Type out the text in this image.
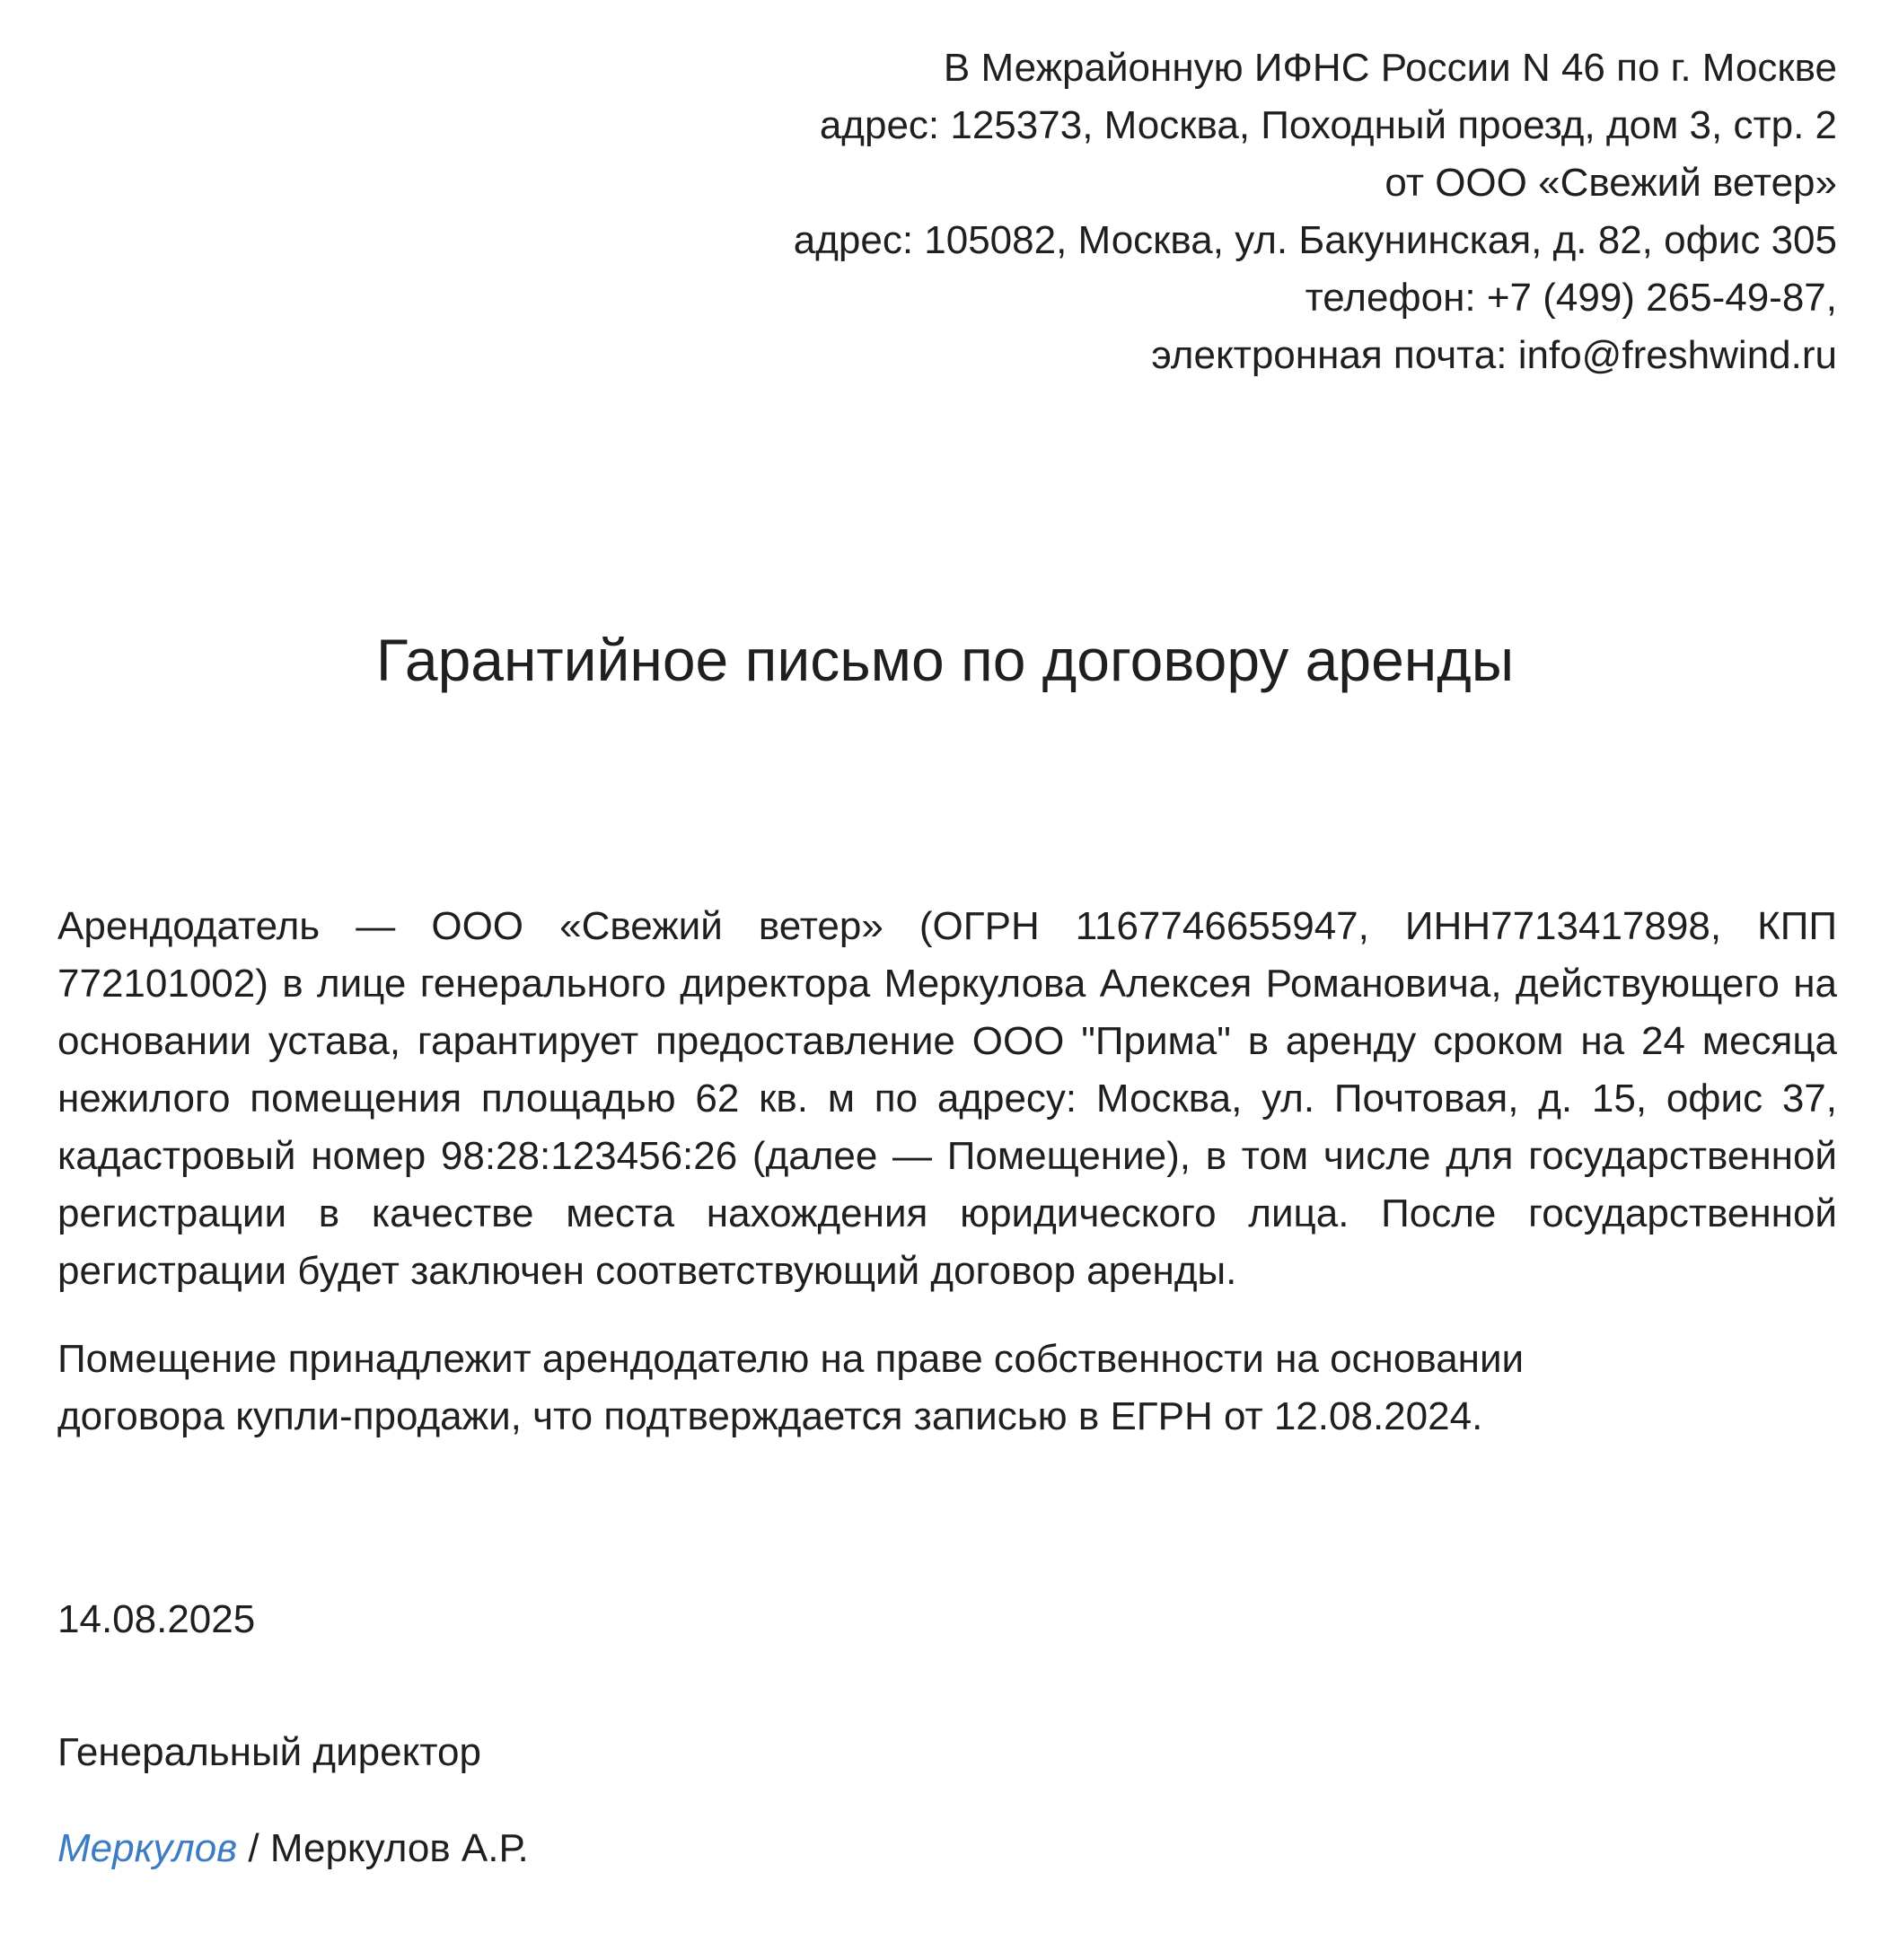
В Межрайонную ИФНС России N 46 по г. Москве
адрес: 125373, Москва, Походный проезд, дом 3, стр. 2
от ООО «Свежий ветер»
адрес: 105082, Москва, ул. Бакунинская, д. 82, офис 305
телефон: +7 (499) 265-49-87,
электронная почта: info@freshwind.ru
Гарантийное письмо по договору аренды

Арендодатель — ООО «Свежий ветер» (ОГРН 1167746655947, ИНН7713417898, КПП 772101002) в лице генерального директора Меркулова Алексея Романовича, действующего на основании устава, гарантирует предоставление ООО "Прима" в аренду сроком на 24 месяца нежилого помещения площадью 62 кв. м по адресу: Москва, ул. Почтовая, д. 15, офис 37, кадастровый номер 98:28:123456:26 (далее — Помещение), в том числе для государственной регистрации в качестве места нахождения юридического лица. После государственной регистрации будет заключен соответствующий договор аренды.

Помещение принадлежит арендодателю на праве собственности на основании договора купли-продажи, что подтверждается записью в ЕГРН от 12.08.2024.

14.08.2025
Генеральный директор
Меркулов / Меркулов А.Р.
